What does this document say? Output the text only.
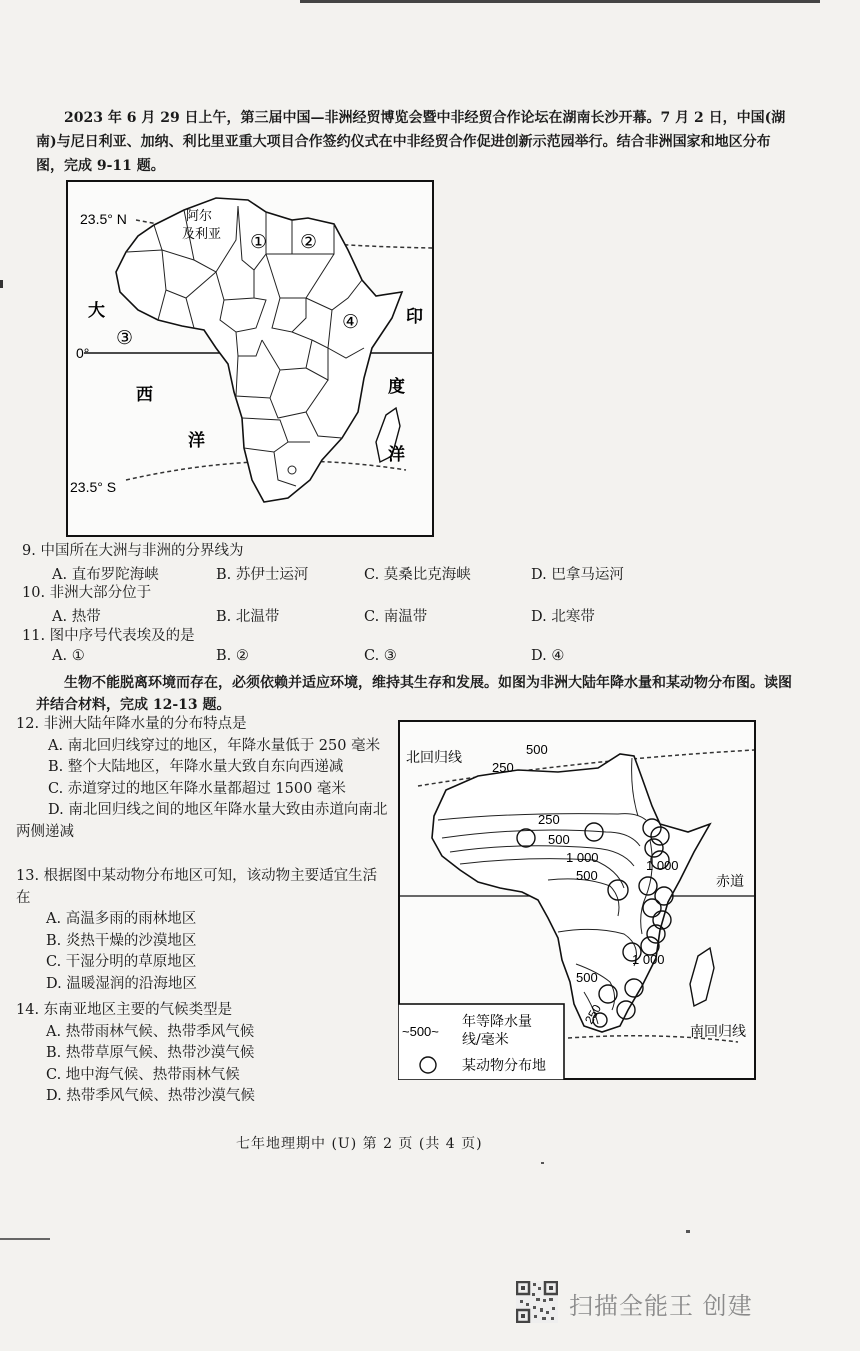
2023 年 6 月 29 日上午，第三届中国—非洲经贸博览会暨中非经贸合作论坛在湖南长沙开幕。7 月 2 日，中国(湖南)与尼日利亚、加纳、利比里亚重大项目合作签约仪式在中非经贸合作促进创新示范园举行。结合非洲国家和地区分布图，完成 9-11 题。
23.5° N
0°
23.5° S
阿尔
及利亚 ① ②
③
④
大
西
洋
印
度
洋
9. 中国所在大洲与非洲的分界线为
A. 直布罗陀海峡	B. 苏伊士运河	C. 莫桑比克海峡	D. 巴拿马运河
10. 非洲大部分位于
A. 热带	B. 北温带	C. 南温带	D. 北寒带
11. 图中序号代表埃及的是
A. ①	B. ②	C. ③	D. ④
生物不能脱离环境而存在，必须依赖并适应环境，维持其生存和发展。如图为非洲大陆年降水量和某动物分布图。读图并结合材料，完成 12-13 题。
12. 非洲大陆年降水量的分布特点是
A. 南北回归线穿过的地区，年降水量低于 250 毫米
B. 整个大陆地区，年降水量大致自东向西递减
C. 赤道穿过的地区年降水量都超过 1500 毫米
D. 南北回归线之间的地区年降水量大致由赤道向南北两侧递减
13. 根据图中某动物分布地区可知，该动物主要适宜生活在
A. 高温多雨的雨林地区
B. 炎热干燥的沙漠地区
C. 干湿分明的草原地区
D. 温暖湿润的沿海地区
14. 东南亚地区主要的气候类型是
A. 热带雨林气候、热带季风气候
B. 热带草原气候、热带沙漠气候
C. 地中海气候、热带雨林气候
D. 热带季风气候、热带沙漠气候
北回归线
赤道
南回归线
500
250
250
500
1 000
1 000
500
1 000
500
250
~500~
年等降水量
线/毫米
某动物分布地
七年地理期中 (U) 第 2 页 (共 4 页)
扫描全能王 创建
